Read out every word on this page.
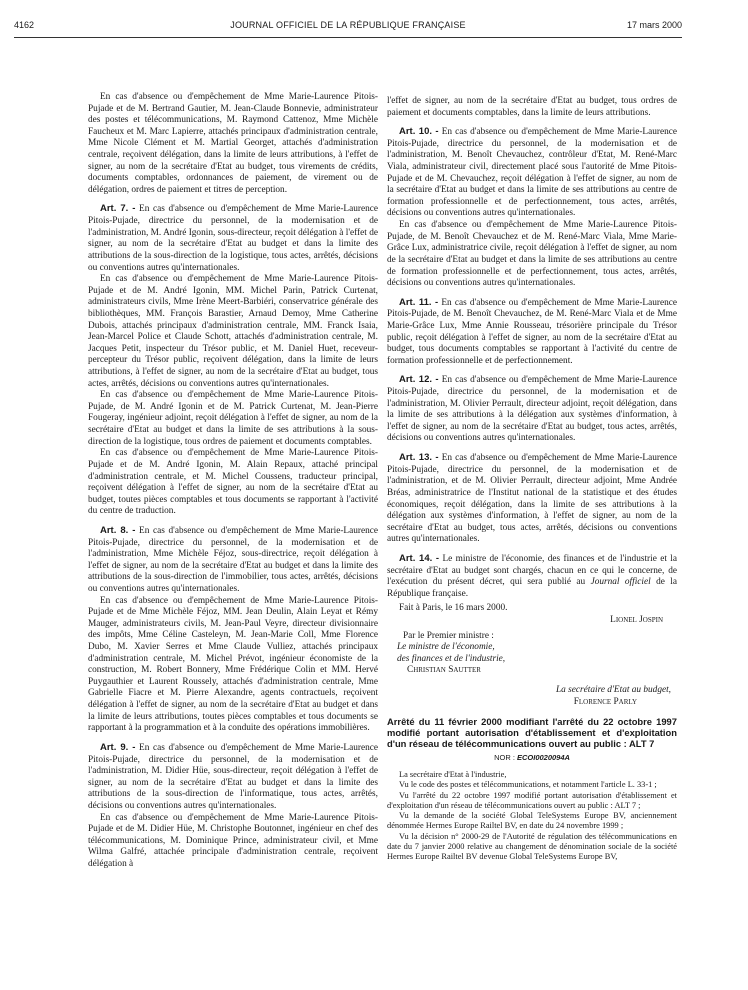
4162	JOURNAL OFFICIEL DE LA RÉPUBLIQUE FRANÇAISE	17 mars 2000

En cas d'absence ou d'empêchement de Mme Marie-Laurence Pitois-Pujade et de M. Bertrand Gautier, M. Jean-Claude Bonnevie, administrateur des postes et télécommunications, M. Raymond Cattenoz, Mme Michèle Faucheux et M. Marc Lapierre, attachés principaux d'administration centrale, Mme Nicole Clément et M. Martial Georget, attachés d'administration centrale, reçoivent délégation, dans la limite de leurs attributions, à l'effet de signer, au nom de la secrétaire d'Etat au budget, tous virements de crédits, documents comptables, ordonnances de paiement, de virement ou de délégation, ordres de paiement et titres de perception.

Art. 7. - En cas d'absence ou d'empêchement de Mme Marie-Laurence Pitois-Pujade, directrice du personnel, de la modernisation et de l'administration, M. André Igonin, sous-directeur, reçoit délégation à l'effet de signer, au nom de la secrétaire d'Etat au budget et dans la limite des attributions de la sous-direction de la logistique, tous actes, arrêtés, décisions ou conventions autres qu'internationales.

En cas d'absence ou d'empêchement de Mme Marie-Laurence Pitois-Pujade et de M. André Igonin, MM. Michel Parin, Patrick Curtenat, administrateurs civils, Mme Irène Meert-Barbiéri, conservatrice générale des bibliothèques, MM. François Barastier, Arnaud Demoy, Mme Catherine Dubois, attachés principaux d'administration centrale, MM. Franck Isaia, Jean-Marcel Police et Claude Schott, attachés d'administration centrale, M. Jacques Petit, inspecteur du Trésor public, et M. Daniel Huet, receveur-percepteur du Trésor public, reçoivent délégation, dans la limite de leurs attributions, à l'effet de signer, au nom de la secrétaire d'Etat au budget, tous actes, arrêtés, décisions ou conventions autres qu'internationales.

En cas d'absence ou d'empêchement de Mme Marie-Laurence Pitois-Pujade, de M. André Igonin et de M. Patrick Curtenat, M. Jean-Pierre Fougeray, ingénieur adjoint, reçoit délégation à l'effet de signer, au nom de la secrétaire d'Etat au budget et dans la limite de ses attributions à la sous-direction de la logistique, tous ordres de paiement et documents comptables.

En cas d'absence ou d'empêchement de Mme Marie-Laurence Pitois-Pujade et de M. André Igonin, M. Alain Repaux, attaché principal d'administration centrale, et M. Michel Coussens, traducteur principal, reçoivent délégation à l'effet de signer, au nom de la secrétaire d'Etat au budget, toutes pièces comptables et tous documents se rapportant à l'activité du centre de traduction.

Art. 8. - En cas d'absence ou d'empêchement de Mme Marie-Laurence Pitois-Pujade, directrice du personnel, de la modernisation et de l'administration, Mme Michèle Féjoz, sous-directrice, reçoit délégation à l'effet de signer, au nom de la secrétaire d'Etat au budget et dans la limite des attributions de la sous-direction de l'immobilier, tous actes, arrêtés, décisions ou conventions autres qu'internationales.

En cas d'absence ou d'empêchement de Mme Marie-Laurence Pitois-Pujade et de Mme Michèle Féjoz, MM. Jean Deulin, Alain Leyat et Rémy Mauger, administrateurs civils, M. Jean-Paul Veyre, directeur divisionnaire des impôts, Mme Céline Casteleyn, M. Jean-Marie Coll, Mme Florence Dubo, M. Xavier Serres et Mme Claude Vulliez, attachés principaux d'administration centrale, M. Michel Prévot, ingénieur économiste de la construction, M. Robert Bonnery, Mme Frédérique Colin et MM. Hervé Puygauthier et Laurent Roussely, attachés d'administration centrale, Mme Gabrielle Fiacre et M. Pierre Alexandre, agents contractuels, reçoivent délégation à l'effet de signer, au nom de la secrétaire d'Etat au budget et dans la limite de leurs attributions, toutes pièces comptables et tous documents se rapportant à la programmation et à la conduite des opérations immobilières.

Art. 9. - En cas d'absence ou d'empêchement de Mme Marie-Laurence Pitois-Pujade, directrice du personnel, de la modernisation et de l'administration, M. Didier Hüe, sous-directeur, reçoit délégation à l'effet de signer, au nom de la secrétaire d'Etat au budget et dans la limite des attributions de la sous-direction de l'informatique, tous actes, arrêtés, décisions ou conventions autres qu'internationales.

En cas d'absence ou d'empêchement de Mme Marie-Laurence Pitois-Pujade et de M. Didier Hüe, M. Christophe Boutonnet, ingénieur en chef des télécommunications, M. Dominique Prince, administrateur civil, et Mme Wilma Galfré, attachée principale d'administration centrale, reçoivent délégation à

l'effet de signer, au nom de la secrétaire d'Etat au budget, tous ordres de paiement et documents comptables, dans la limite de leurs attributions.

Art. 10. - En cas d'absence ou d'empêchement de Mme Marie-Laurence Pitois-Pujade, directrice du personnel, de la modernisation et de l'administration, M. Benoît Chevauchez, contrôleur d'Etat, M. René-Marc Viala, administrateur civil, directement placé sous l'autorité de Mme Pitois-Pujade et de M. Chevauchez, reçoit délégation à l'effet de signer, au nom de la secrétaire d'Etat au budget et dans la limite de ses attributions au centre de formation professionnelle et de perfectionnement, tous actes, arrêtés, décisions ou conventions autres qu'internationales.

En cas d'absence ou d'empêchement de Mme Marie-Laurence Pitois-Pujade, de M. Benoît Chevauchez et de M. René-Marc Viala, Mme Marie-Grâce Lux, administratrice civile, reçoit délégation à l'effet de signer, au nom de la secrétaire d'Etat au budget et dans la limite de ses attributions au centre de formation professionnelle et de perfectionnement, tous actes, arrêtés, décisions ou conventions autres qu'internationales.

Art. 11. - En cas d'absence ou d'empêchement de Mme Marie-Laurence Pitois-Pujade, de M. Benoît Chevauchez, de M. René-Marc Viala et de Mme Marie-Grâce Lux, Mme Annie Rousseau, trésorière principale du Trésor public, reçoit délégation à l'effet de signer, au nom de la secrétaire d'Etat au budget, tous documents comptables se rapportant à l'activité du centre de formation professionnelle et de perfectionnement.

Art. 12. - En cas d'absence ou d'empêchement de Mme Marie-Laurence Pitois-Pujade, directrice du personnel, de la modernisation et de l'administration, M. Olivier Perrault, directeur adjoint, reçoit délégation, dans la limite de ses attributions à la délégation aux systèmes d'information, à l'effet de signer, au nom de la secrétaire d'Etat au budget, tous actes, arrêtés, décisions ou conventions autres qu'internationales.

Art. 13. - En cas d'absence ou d'empêchement de Mme Marie-Laurence Pitois-Pujade, directrice du personnel, de la modernisation et de l'administration, et de M. Olivier Perrault, directeur adjoint, Mme Andrée Bréas, administratrice de l'Institut national de la statistique et des études économiques, reçoit délégation, dans la limite de ses attributions à la délégation aux systèmes d'information, à l'effet de signer, au nom de la secrétaire d'Etat au budget, tous actes, arrêtés, décisions ou conventions autres qu'internationales.

Art. 14. - Le ministre de l'économie, des finances et de l'industrie et la secrétaire d'Etat au budget sont chargés, chacun en ce qui le concerne, de l'exécution du présent décret, qui sera publié au Journal officiel de la République française.

Fait à Paris, le 16 mars 2000.

Lionel Jospin

Par le Premier ministre :

Le ministre de l'économie,

des finances et de l'industrie,

Christian Sautter

La secrétaire d'Etat au budget,

Florence Parly

Arrêté du 11 février 2000 modifiant l'arrêté du 22 octobre 1997 modifié portant autorisation d'établissement et d'exploitation d'un réseau de télécommunications ouvert au public : ALT 7

NOR : ECOI0020094A

La secrétaire d'Etat à l'industrie,

Vu le code des postes et télécommunications, et notamment l'article L. 33-1 ;

Vu l'arrêté du 22 octobre 1997 modifié portant autorisation d'établissement et d'exploitation d'un réseau de télécommunications ouvert au public : ALT 7 ;

Vu la demande de la société Global TeleSystems Europe BV, anciennement dénommée Hermes Europe Railtel BV, en date du 24 novembre 1999 ;

Vu la décision n° 2000-29 de l'Autorité de régulation des télécommunications en date du 7 janvier 2000 relative au changement de dénomination sociale de la société Hermes Europe Railtel BV devenue Global TeleSystems Europe BV,
